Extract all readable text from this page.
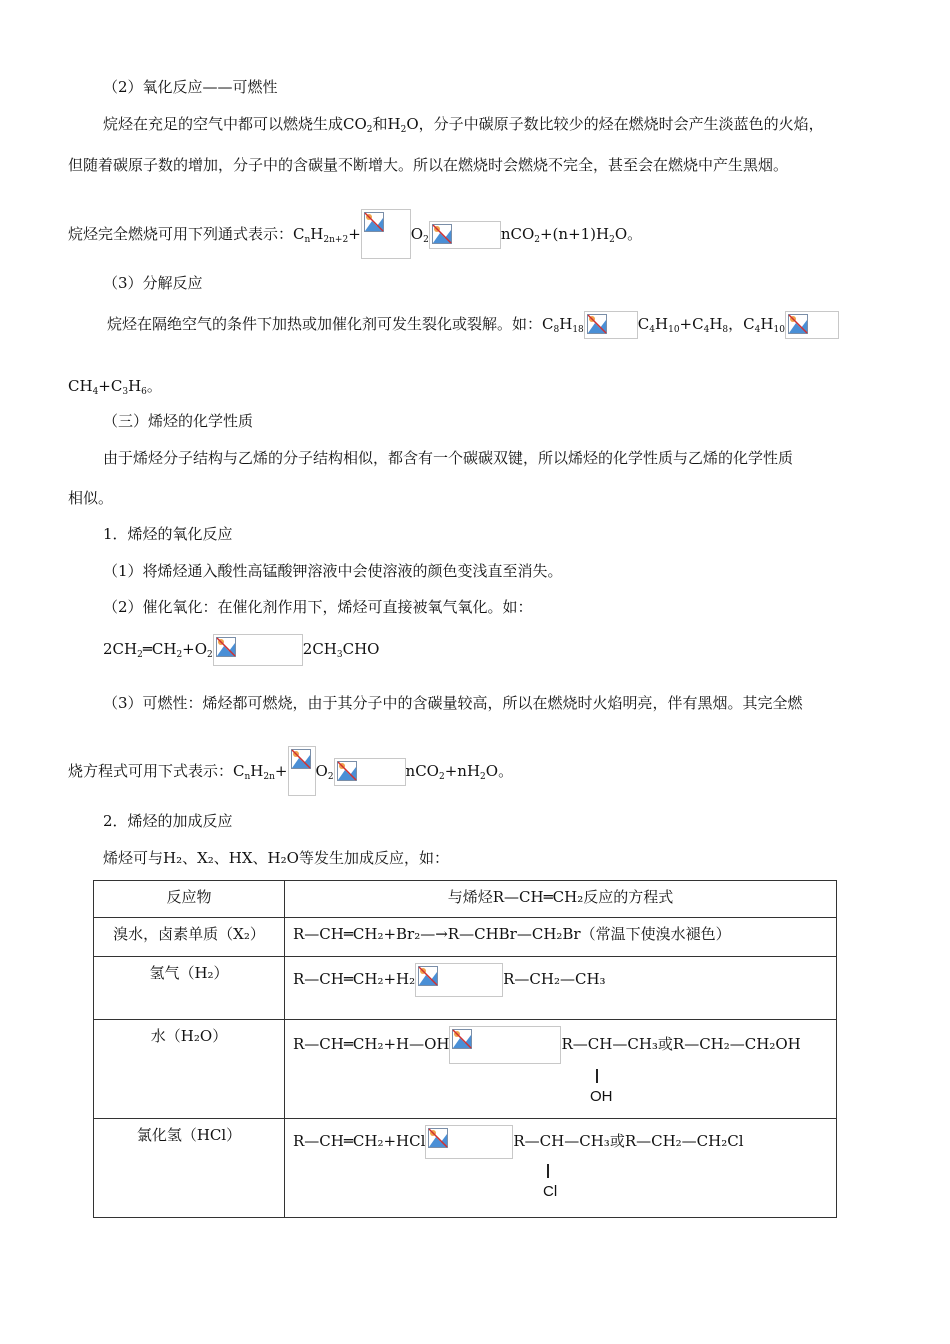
（2）氧化反应——可燃性
烷烃在充足的空气中都可以燃烧生成$CO_2$和$H_2O$，分子中碳原子数比较少的烃在燃烧时会产生淡蓝色的火焰，
但随着碳原子数的增加，分子中的含碳量不断增大。所以在燃烧时会燃烧不完全，甚至会在燃烧中产生黑烟。
烷烃完全燃烧可用下列通式表示：$C_nH_{2n+2}+$	$O_2$	$nCO_2+(n+1)H_2O$。
（3）分解反应
烷烃在隔绝空气的条件下加热或加催化剂可发生裂化或裂解。如：$C_8H_{18}$	$C_4H_{10}+C_4H_8$，$C_4H_{10}$
$CH_4+C_3H_6$。
（三）烯烃的化学性质
由于烯烃分子结构与乙烯的分子结构相似，都含有一个碳碳双键，所以烯烃的化学性质与乙烯的化学性质
相似。
1．烯烃的氧化反应
（1）将烯烃通入酸性高锰酸钾溶液中会使溶液的颜色变浅直至消失。
（2）催化氧化：在催化剂作用下，烯烃可直接被氧气氧化。如：
$2CH_2═CH_2+O_2$	$2CH_3CHO$
（3）可燃性：烯烃都可燃烧，由于其分子中的含碳量较高，所以在燃烧时火焰明亮，伴有黑烟。其完全燃
烧方程式可用下式表示：$C_nH_{2n}+ O_2$	$nCO_2+nH_2O$。
2．烯烃的加成反应
烯烃可与H₂、X₂、HX、H₂O等发生加成反应，如：
反应物	与烯烃R—CH═CH₂反应的方程式
溴水，卤素单质（X₂）	R—CH═CH₂+Br₂—→R—CHBr—CH₂Br（常温下使溴水褪色）
氢气（H₂）	R—CH═CH₂+H₂ R—CH₂—CH₃
水（H₂O）	R—CH═CH₂+H—OH R—CH—CH₃或R—CH₂—CH₂OH
OH

氯化氢（HCl）	R—CH═CH₂+HCl R—CH—CH₃或R—CH₂—CH₂Cl
Cl
